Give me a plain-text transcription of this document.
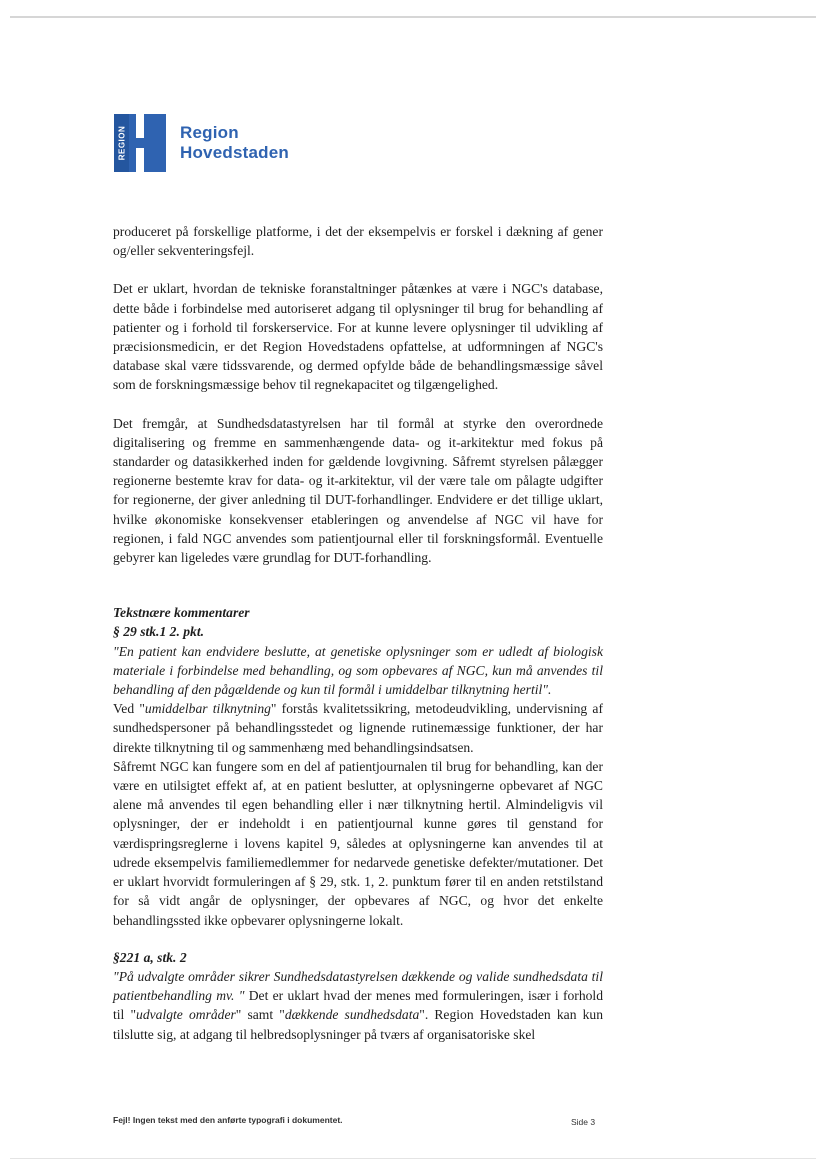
REGION	Region
Hovedstaden

produceret på forskellige platforme, i det der eksempelvis er forskel i dækning af gener og/eller sekventeringsfejl.

Det er uklart, hvordan de tekniske foranstaltninger påtænkes at være i NGC's database, dette både i forbindelse med autoriseret adgang til oplysninger til brug for behandling af patienter og i forhold til forskerservice. For at kunne levere oplysninger til udvikling af præcisionsmedicin, er det Region Hovedstadens opfattelse, at udformningen af NGC's database skal være tidssvarende, og dermed opfylde både de behandlingsmæssige såvel som de forskningsmæssige behov til regnekapacitet og tilgængelighed.

Det fremgår, at Sundhedsdatastyrelsen har til formål at styrke den overordnede digitalisering og fremme en sammenhængende data- og it-arkitektur med fokus på standarder og datasikkerhed inden for gældende lovgivning. Såfremt styrelsen pålægger regionerne bestemte krav for data- og it-arkitektur, vil der være tale om pålagte udgifter for regionerne, der giver anledning til DUT-forhandlinger. Endvidere er det tillige uklart, hvilke økonomiske konsekvenser etableringen og anvendelse af NGC vil have for regionen, i fald NGC anvendes som patientjournal eller til forskningsformål. Eventuelle gebyrer kan ligeledes være grundlag for DUT-forhandling.

Tekstnære kommentarer

§ 29 stk.1 2. pkt.

"En patient kan endvidere beslutte, at genetiske oplysninger som er udledt af biologisk materiale i forbindelse med behandling, og som opbevares af NGC, kun må anvendes til behandling af den pågældende og kun til formål i umiddelbar tilknytning hertil".

Ved "umiddelbar tilknytning" forstås kvalitetssikring, metodeudvikling, undervisning af sundhedspersoner på behandlingsstedet og lignende rutinemæssige funktioner, der har direkte tilknytning til og sammenhæng med behandlingsindsatsen.

Såfremt NGC kan fungere som en del af patientjournalen til brug for behandling, kan der være en utilsigtet effekt af, at en patient beslutter, at oplysningerne opbevaret af NGC alene må anvendes til egen behandling eller i nær tilknytning hertil. Almindeligvis vil oplysninger, der er indeholdt i en patientjournal kunne gøres til genstand for værdispringsreglerne i lovens kapitel 9, således at oplysningerne kan anvendes til at udrede eksempelvis familiemedlemmer for nedarvede genetiske defekter/mutationer. Det er uklart hvorvidt formuleringen af § 29, stk. 1, 2. punktum fører til en anden retstilstand for så vidt angår de oplysninger, der opbevares af NGC, og hvor det enkelte behandlingssted ikke opbevarer oplysningerne lokalt.

§221 a, stk. 2

"På udvalgte områder sikrer Sundhedsdatastyrelsen dækkende og valide sundhedsdata til patientbehandling mv. " Det er uklart hvad der menes med formuleringen, især i forhold til "udvalgte områder" samt "dækkende sundhedsdata". Region Hovedstaden kan kun tilslutte sig, at adgang til helbredsoplysninger på tværs af organisatoriske skel

Fejl! Ingen tekst med den anførte typografi i dokumentet.	Side 3
